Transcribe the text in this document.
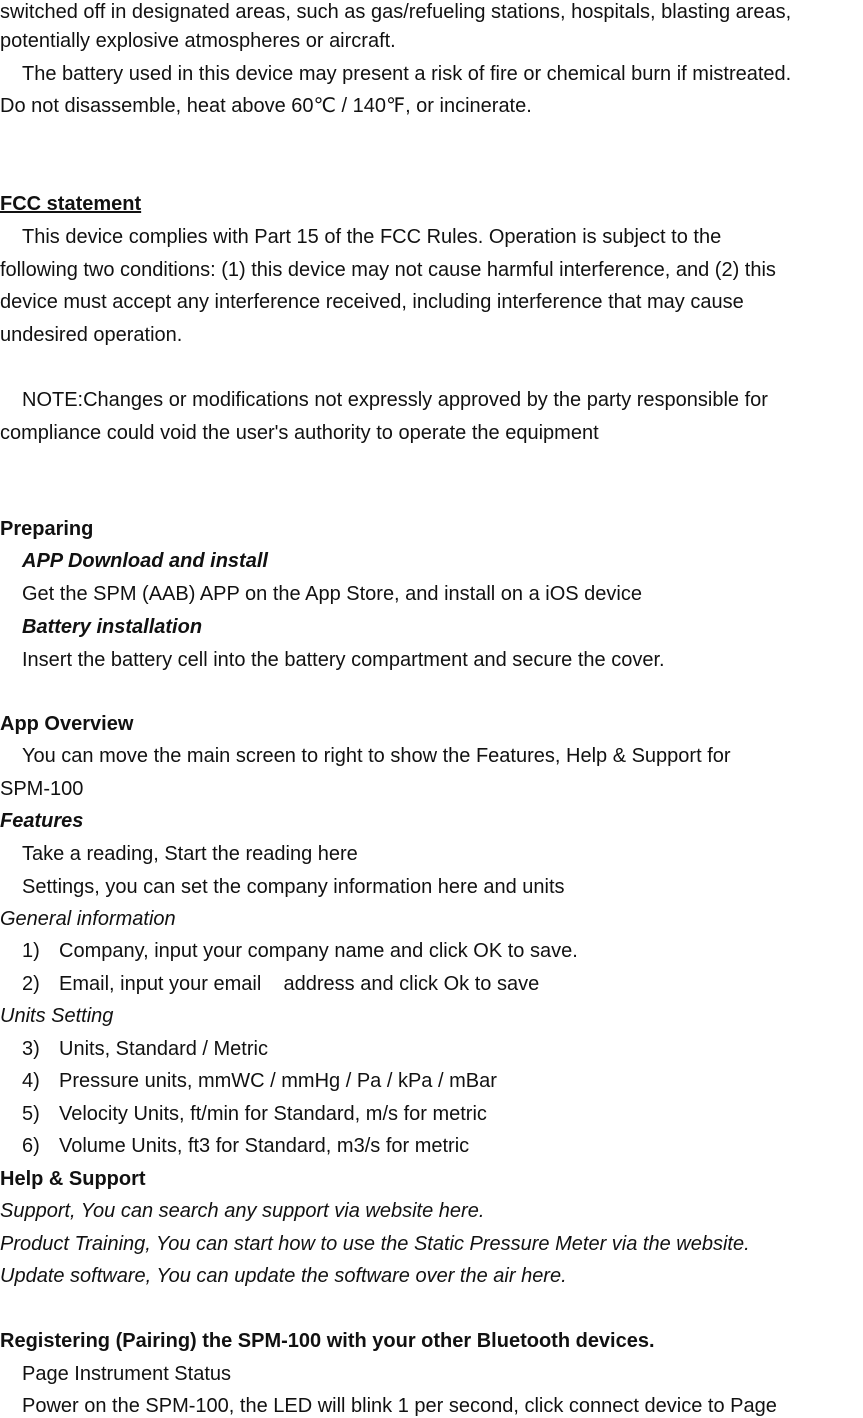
switched off in designated areas, such as gas/refueling stations, hospitals, blasting areas,
potentially explosive atmospheres or aircraft.
The battery used in this device may present a risk of fire or chemical burn if mistreated.
Do not disassemble, heat above 60℃ / 140℉, or incinerate.
FCC statement
This device complies with Part 15 of the FCC Rules. Operation is subject to the
following two conditions: (1) this device may not cause harmful interference, and (2) this
device must accept any interference received, including interference that may cause
undesired operation.
NOTE:Changes or modifications not expressly approved by the party responsible for
compliance could void the user's authority to operate the equipment
Preparing
APP Download and install
Get the SPM (AAB) APP on the App Store, and install on a iOS device
Battery installation
Insert the battery cell into the battery compartment and secure the cover.
App Overview
You can move the main screen to right to show the Features, Help & Support for
SPM-100
Features
Take a reading, Start the reading here
Settings, you can set the company information here and units
General information
1) Company, input your company name and click OK to save.
2) Email, input your email    address and click Ok to save
Units Setting
3) Units, Standard / Metric
4) Pressure units, mmWC / mmHg / Pa / kPa / mBar
5) Velocity Units, ft/min for Standard, m/s for metric
6) Volume Units, ft3 for Standard, m3/s for metric
Help & Support
Support, You can search any support via website here.
Product Training, You can start how to use the Static Pressure Meter via the website.
Update software, You can update the software over the air here.
Registering (Pairing) the SPM-100 with your other Bluetooth devices.
Page Instrument Status
Power on the SPM-100, the LED will blink 1 per second, click connect device to Page
